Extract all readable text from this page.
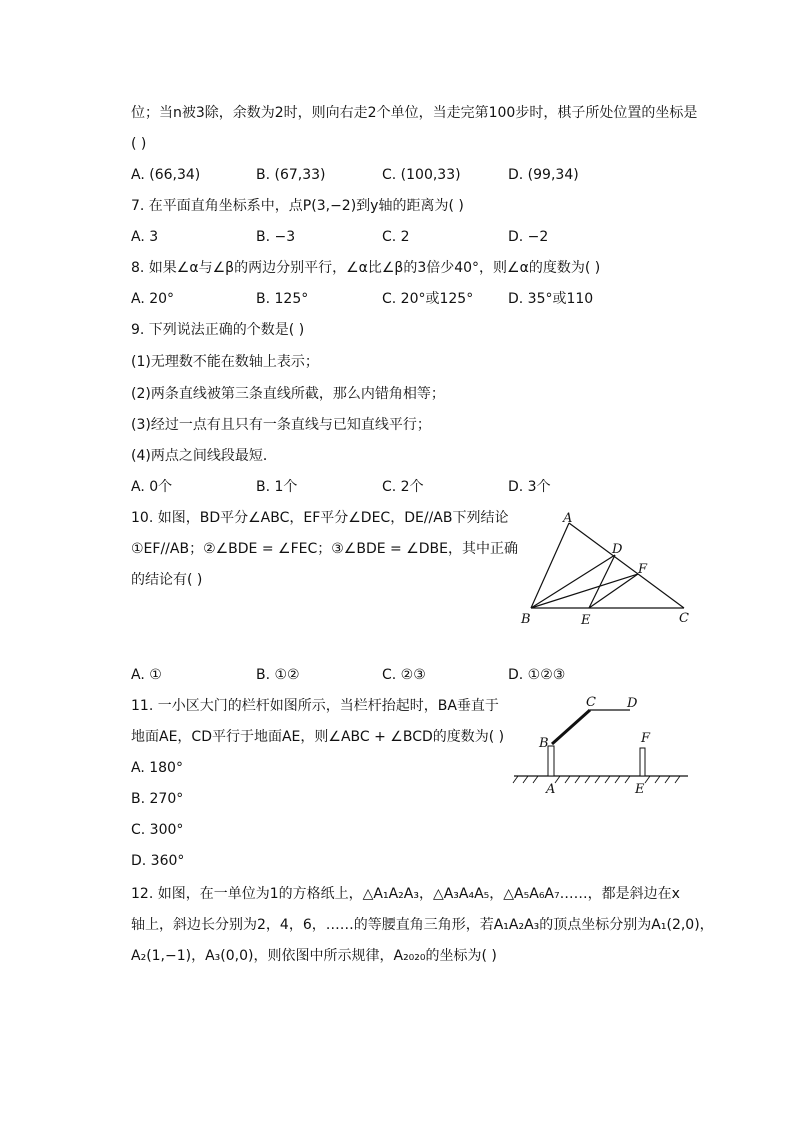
位；当n被3除，余数为2时，则向右走2个单位，当走完第100步时，棋子所处位置的坐标是
( )
A. (66,34)	B. (67,33)	C. (100,33)	D. (99,34)
7. 在平面直角坐标系中，点P(3,−2)到y轴的距离为( )
A. 3	B. −3	C. 2	D. −2
8. 如果∠α与∠β的两边分别平行，∠α比∠β的3倍少40°，则∠α的度数为( )
A. 20°	B. 125°	C. 20°或125° D. 35°或110
9. 下列说法正确的个数是( )
(1)无理数不能在数轴上表示；
(2)两条直线被第三条直线所截，那么内错角相等；
(3)经过一点有且只有一条直线与已知直线平行；
(4)两点之间线段最短．
A. 0个	B. 1个	C. 2个	D. 3个
10. 如图，BD平分∠ABC，EF平分∠DEC，DE//AB下列结论
①EF//AB；②∠BDE = ∠FEC；③∠BDE = ∠DBE，其中正确
的结论有( )
A
B	C
D
E
F
A. ①	B. ①②	C. ②③	D. ①②③
11. 一小区大门的栏杆如图所示，当栏杆抬起时，BA垂直于
地面AE，CD平行于地面AE，则∠ABC + ∠BCD的度数为( )
A. 180°
B. 270°
C. 300°
D. 360°
A
B
C D
E
F
12. 如图，在一单位为1的方格纸上，△A₁A₂A₃，△A₃A₄A₅，△A₅A₆A₇……，都是斜边在x
轴上，斜边长分别为2，4，6，……的等腰直角三角形，若A₁A₂A₃的顶点坐标分别为A₁(2,0)，
A₂(1,−1)，A₃(0,0)，则依图中所示规律，A₂₀₂₀的坐标为( )
